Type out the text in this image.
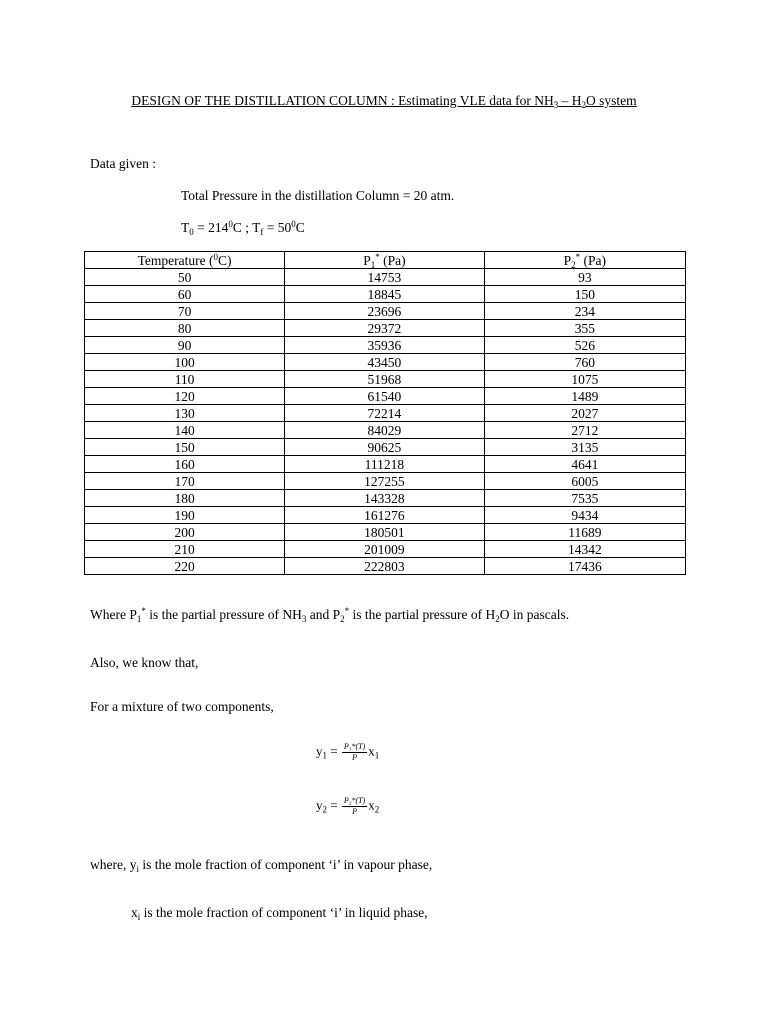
DESIGN OF THE DISTILLATION COLUMN : Estimating VLE data for $NH_3 - H_2O$ system
Data given :
Total Pressure in the distillation Column = 20 atm.
$T_0 = 214^0C$ ; $T_f = 50^0C$
Temperature ($^0$C)	$P_1^*$ (Pa)	$P_2^*$ (Pa)
50	14753	93
60	18845	150
70	23696	234
80	29372	355
90	35936	526
100	43450	760
110	51968	1075
120	61540	1489
130	72214	2027
140	84029	2712
150	90625	3135
160	111218	4641
170	127255	6005
180	143328	7535
190	161276	9434
200	180501	11689
210	201009	14342
220	222803	17436
Where $P_1^*$ is the partial pressure of $NH_3$ and $P_2^*$ is the partial pressure of $H_2O$ in pascals.
Also, we know that,
For a mixture of two components,
$y_1 = \frac{\text{P₁*(T)}}{P} x_1$
$y_2 = \frac{\text{P₂*(T)}}{P} x_2$
where, $y_i$ is the mole fraction of component ‘i’ in vapour phase,
$x_i$ is the mole fraction of component ‘i’ in liquid phase,
